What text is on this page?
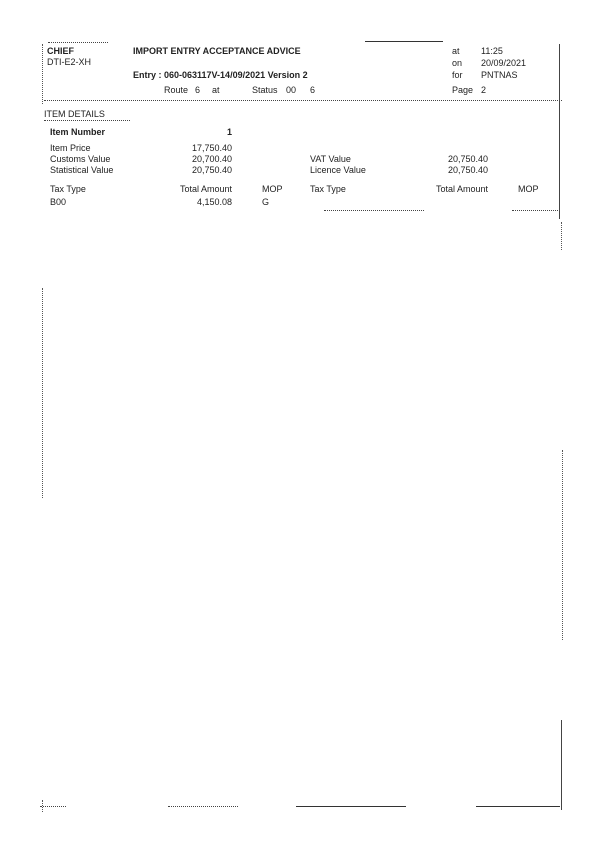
CHIEF
DTI-E2-XH
IMPORT ENTRY ACCEPTANCE ADVICE
Entry : 060-063117V-14/09/2021 Version 2
Route 6 at	Status 00 6
at 11:25
on 20/09/2021
for PNTNAS
Page 2
ITEM DETAILS
Item Number	1
Item Price	17,750.40
Customs Value	20,700.40
Statistical Value	20,750.40
VAT Value	20,750.40
Licence Value	20,750.40
Tax Type	Total Amount	MOP	Tax Type	Total Amount	MOP
B00	4,150.08	G
